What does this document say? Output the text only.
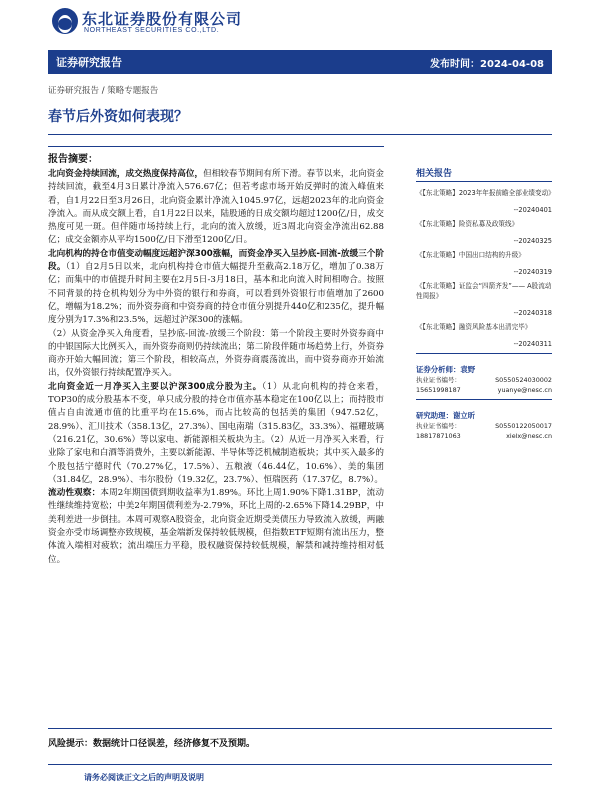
东北证券股份有限公司
NORTHEAST SECURITIES CO.,LTD.
证券研究报告	发布时间：2024-04-08
证券研究报告 / 策略专题报告
春节后外资如何表现？
报告摘要：

北向资金持续回流，成交热度保持高位，但相较春节期间有所下滑。春节以来，北向资金持续回流，截至4月3日累计净流入576.67亿；但若考虑市场开始反弹时的流入峰值来看，自1月22日至3月26日，北向资金累计净流入1045.97亿，远超2023年的北向资金净流入。而从成交额上看，自1月22日以来，陆股通的日成交额均超过1200亿/日，成交热度可见一斑。但伴随市场持续上行，北向的流入放缓，近3周北向资金净流出62.88亿；成交金额亦从平均1500亿/日下滑至1200亿/日。

北向机构的持仓市值变动幅度远超沪深300涨幅，而资金净买入呈抄底-回流-放缓三个阶段。（1）自2月5日以来，北向机构持仓市值大幅提升至截高2.18万亿，增加了0.38万亿；而集中的市值提升时间主要在2月5日-3月18日，基本和北向流入时间相吻合。按照不同背景的持仓机构划分为中外资的银行和券商，可以看到外资银行市值增加了2600亿，增幅为18.2%；而外资券商和中资券商的持仓市值分别提升440亿和235亿，提升幅度分别为17.3%和23.5%，远超过沪深300的涨幅。

（2）从资金净买入角度看，呈抄底-回流-放缓三个阶段：第一个阶段主要时外资券商中的中银国际大比例买入，而外资券商则仍持续流出；第二阶段伴随市场趋势上行，外资券商亦开始大幅回流；第三个阶段，相较高点，外资券商震荡流出，而中资券商亦开始流出，仅外资银行持续配置净买入。

北向资金近一月净买入主要以沪深300成分股为主。（1）从北向机构的持仓来看，TOP30的成分股基本不变，单只成分股的持仓市值亦基本稳定在100亿以上；而持股市值占自由流通市值的比重平均在15.6%，而占比较高的包括美的集团（947.52亿，28.9%）、汇川技术（358.13亿，27.3%）、国电南瑞（315.83亿，33.3%）、福耀玻璃（216.21亿，30.6%）等以家电、新能源相关板块为主。（2）从近一月净买入来看，行业除了家电和白酒等消费外，主要以新能源、半导体等泛机械制造板块；其中买入最多的个股包括宁德时代（70.27%亿，17.5%）、五粮液（46.44亿，10.6%）、美的集团（31.84亿，28.9%）、韦尔股份（19.32亿，23.7%）、恒瑞医药（17.37亿，8.7%）。

流动性观察：本周2年期国债到期收益率为1.89%。环比上周1.90%下降1.31BP，流动性继续维持宽松；中美2年期国债利差为-2.79%，环比上周的-2.65%下降14.29BP，中美利差进一步倒挂。本周可观察A股资金，北向资金近期受美债压力导致流入放缓，两融资金亦受市场调整亦致规模，基金端新发保持较低规模，但指数ETF短期有流出压力，整体流入端相对疲软；流出端压力平稳，股权融资保持较低规模，解禁和减持维持相对低位。

相关报告
《【东北策略】2023年年报前瞻全部业绩变动》
--20240401
《【东北策略】险资私募及政策线》
--20240325
《【东北策略】中国出口结构的升级》
--20240319
《【东北策略】证监会“四箭齐发”—— A股流动性周报》
--20240318
《【东北策略】融资风险基本出清完毕》
--20240311
证券分析师：袁野
执业证书编号：	S0550524030002
15651998187	yuanye@nesc.cn
研究助理：谢立昕
执业证书编号：	S0550122050017
18817871063	xielx@nesc.cn
风险提示：数据统计口径误差，经济修复不及预期。
请务必阅读正文之后的声明及说明
